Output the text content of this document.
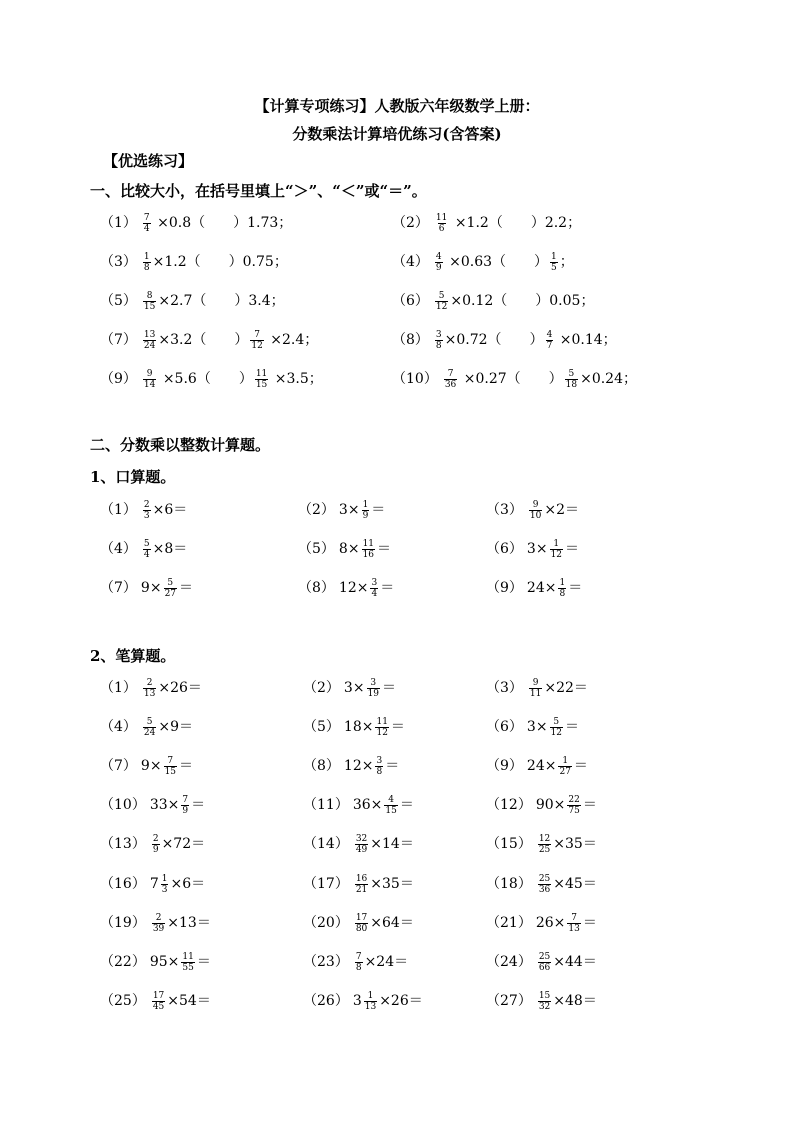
【计算专项练习】人教版六年级数学上册：
分数乘法计算培优练习(含答案)
【优选练习】
一、比较大小，在括号里填上“＞”、“＜”或“＝”。
$(1) \frac{7}{4} \times 0.8$（　　）1.73；	$(2) \frac{11}{6} \times 1.2$（　　）2.2；
$(3) \frac{1}{8} \times 1.2$（　　）0.75；	$(4) \frac{4}{9} \times 0.63$（　　） $\frac{1}{5}$ ；
$(5) \frac{8}{15} \times 2.7$（　　）3.4；	$(6) \frac{5}{12} \times 0.12$（　　）0.05；
$(7) \frac{13}{24} \times 3.2$（　　） $\frac{7}{12} \times 2.4$；	$(8) \frac{3}{8} \times 0.72$（　　） $\frac{4}{7} \times 0.14$；
$(9) \frac{9}{14} \times 5.6$（　　） $\frac{11}{15} \times 3.5$；	$(10) \frac{7}{36} \times 0.27$（　　） $\frac{5}{18} \times 0.24$；
二、分数乘以整数计算题。
1、口算题。
$(1) \frac{2}{3} \times 6=$	（2） $3\times \frac{1}{9}$ ＝	$(3) \frac{9}{10} \times 2=$
$(4) \frac{5}{4} \times 8=$	（5） $8\times \frac{11}{16}$ ＝	（6） $3\times \frac{1}{12}$ ＝
（7） $9\times \frac{5}{27}$ ＝	（8） $12\times \frac{3}{4}$ ＝	（9） $24\times \frac{1}{8}$ ＝
2、笔算题。
$(1) \frac{2}{13} \times 26=$	（2） $3\times \frac{3}{19}$ ＝	$(3) \frac{9}{11} \times 22=$
$(4) \frac{5}{24} \times 9=$	（5） $18\times \frac{11}{12}$ ＝	（6） $3\times \frac{5}{12}$ ＝
（7） $9\times \frac{7}{15}$ ＝	（8） $12\times \frac{3}{8}$ ＝	（9） $24\times \frac{1}{27}$ ＝
（10） $33\times \frac{7}{9}$ ＝	（11） $36\times \frac{4}{15}$ ＝	（12） $90\times \frac{22}{75}$ ＝
$(13) \frac{2}{9} \times 72=$	$(14) \frac{32}{49} \times 14=$	$(15) \frac{12}{25} \times 35=$
（16） $7 \frac{1}{3} \times 6=$	$(17) \frac{16}{21} \times 35=$	$(18) \frac{25}{36} \times 45=$
$(19) \frac{2}{39} \times 13=$	$(20) \frac{17}{80} \times 64=$	（21） $26\times \frac{7}{13}$ ＝
（22） $95\times \frac{11}{55}$ ＝	$(23) \frac{7}{8} \times 24=$	$(24) \frac{25}{66} \times 44=$
$(25) \frac{17}{45} \times 54=$	（26） $3 \frac{1}{13} \times 26=$	$(27) \frac{15}{32} \times 48=$
